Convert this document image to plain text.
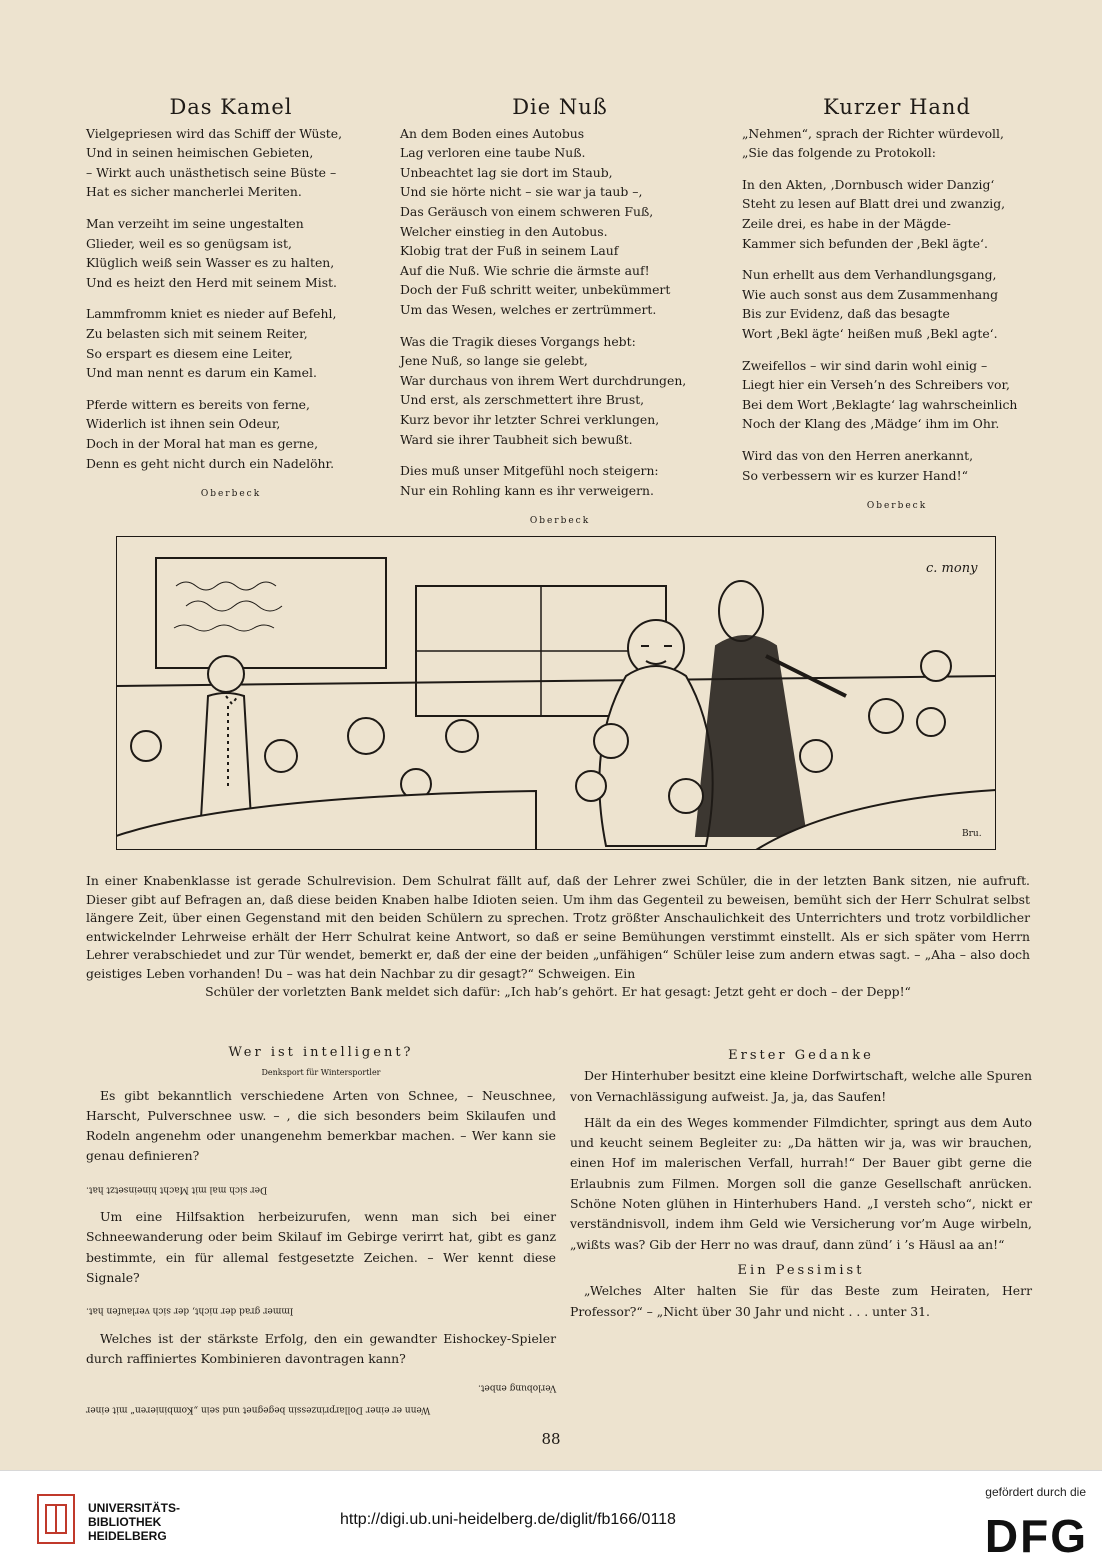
Das Kamel
Vielgepriesen wird das Schiff der Wüste,
Und in seinen heimischen Gebieten,
– Wirkt auch unästhetisch seine Büste –
Hat es sicher mancherlei Meriten.
Man verzeiht im seine ungestalten
Glieder, weil es so genügsam ist,
Klüglich weiß sein Wasser es zu halten,
Und es heizt den Herd mit seinem Mist.
Lammfromm kniet es nieder auf Befehl,
Zu belasten sich mit seinem Reiter,
So erspart es diesem eine Leiter,
Und man nennt es darum ein Kamel.
Pferde wittern es bereits von ferne,
Widerlich ist ihnen sein Odeur,
Doch in der Moral hat man es gerne,
Denn es geht nicht durch ein Nadelöhr.
Oberbeck
Die Nuß
An dem Boden eines Autobus
Lag verloren eine taube Nuß.
Unbeachtet lag sie dort im Staub,
Und sie hörte nicht – sie war ja taub –,
Das Geräusch von einem schweren Fuß,
Welcher einstieg in den Autobus.
Klobig trat der Fuß in seinem Lauf
Auf die Nuß. Wie schrie die ärmste auf!
Doch der Fuß schritt weiter, unbekümmert
Um das Wesen, welches er zertrümmert.
Was die Tragik dieses Vorgangs hebt:
Jene Nuß, so lange sie gelebt,
War durchaus von ihrem Wert durchdrungen,
Und erst, als zerschmettert ihre Brust,
Kurz bevor ihr letzter Schrei verklungen,
Ward sie ihrer Taubheit sich bewußt.
Dies muß unser Mitgefühl noch steigern:
Nur ein Rohling kann es ihr verweigern.
Oberbeck
Kurzer Hand
„Nehmen“, sprach der Richter würdevoll,
„Sie das folgende zu Protokoll:
In den Akten, ‚Dornbusch wider Danzig‘
Steht zu lesen auf Blatt drei und zwanzig,
Zeile drei, es habe in der Mägde-
Kammer sich befunden der ‚Bekl ägte‘.
Nun erhellt aus dem Verhandlungsgang,
Wie auch sonst aus dem Zusammenhang
Bis zur Evidenz, daß das besagte
Wort ‚Bekl ägte‘ heißen muß ‚Bekl agte‘.
Zweifellos – wir sind darin wohl einig –
Liegt hier ein Verseh’n des Schreibers vor,
Bei dem Wort ‚Beklagte‘ lag wahrscheinlich
Noch der Klang des ‚Mädge‘ ihm im Ohr.
Wird das von den Herren anerkannt,
So verbessern wir es kurzer Hand!“
Oberbeck
c. mony
Bru.
In einer Knabenklasse ist gerade Schulrevision. Dem Schulrat fällt auf, daß der Lehrer zwei Schüler, die in der letzten Bank sitzen, nie aufruft. Dieser gibt auf Befragen an, daß diese beiden Knaben halbe Idioten seien. Um ihm das Gegenteil zu beweisen, bemüht sich der Herr Schulrat selbst längere Zeit, über einen Gegenstand mit den beiden Schülern zu sprechen. Trotz größter Anschaulichkeit des Unterrichters und trotz vorbildlicher entwickelnder Lehrweise erhält der Herr Schulrat keine Antwort, so daß er seine Bemühungen verstimmt einstellt. Als er sich später vom Herrn Lehrer verabschiedet und zur Tür wendet, bemerkt er, daß der eine der beiden „unfähigen“ Schüler leise zum andern etwas sagt. – „Aha – also doch geistiges Leben vorhanden! Du – was hat dein Nachbar zu dir gesagt?“ Schweigen. Ein
Schüler der vorletzten Bank meldet sich dafür: „Ich hab’s gehört. Er hat gesagt: Jetzt geht er doch – der Depp!“
Wer ist intelligent?
Denksport für Wintersportler

Es gibt bekanntlich verschiedene Arten von Schnee, – Neuschnee, Harscht, Pulverschnee usw. – , die sich besonders beim Skilaufen und Rodeln angenehm oder unangenehm bemerkbar machen. – Wer kann sie genau definieren?

Der sich mal mit Macht hineinsetzt hat.

Um eine Hilfsaktion herbeizurufen, wenn man sich bei einer Schneewanderung oder beim Skilauf im Gebirge verirrt hat, gibt es ganz bestimmte, ein für allemal festgesetzte Zeichen. – Wer kennt diese Signale?

Immer grad der nicht, der sich verlaufen hat.

Welches ist der stärkste Erfolg, den ein gewandter Eishockey-Spieler durch raffiniertes Kombinieren davontragen kann?

Verlobung enbet.
Wenn er einer Dollarprinzessin begegnet und sein „Kombinieren“ mit einer
Erster Gedanke

Der Hinterhuber besitzt eine kleine Dorfwirtschaft, welche alle Spuren von Vernachlässigung aufweist. Ja, ja, das Saufen!

Hält da ein des Weges kommender Filmdichter, springt aus dem Auto und keucht seinem Begleiter zu: „Da hätten wir ja, was wir brauchen, einen Hof im malerischen Verfall, hurrah!“ Der Bauer gibt gerne die Erlaubnis zum Filmen. Morgen soll die ganze Gesellschaft anrücken. Schöne Noten glühen in Hinterhubers Hand. „I versteh scho“, nickt er verständnisvoll, indem ihm Geld wie Versicherung vor’m Auge wirbeln, „wißts was? Gib der Herr no was drauf, dann zünd’ i ’s Häusl aa an!“

Ein Pessimist

„Welches Alter halten Sie für das Beste zum Heiraten, Herr Professor?“ – „Nicht über 30 Jahr und nicht . . . unter 31.

88
UNIVERSITÄTS-
BIBLIOTHEK
HEIDELBERG
http://digi.ub.uni-heidelberg.de/diglit/fb166/0118
gefördert durch die
DFG
